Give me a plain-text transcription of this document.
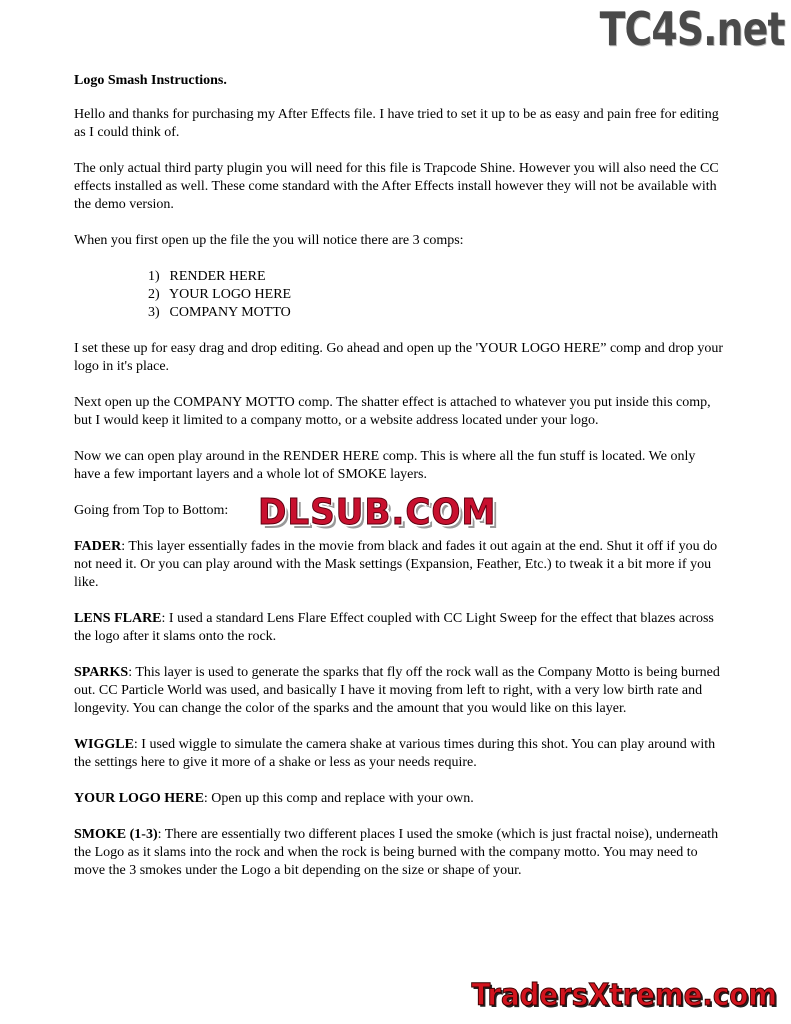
TC4S.net

Logo Smash Instructions.

Hello and thanks for purchasing my After Effects file. I have tried to set it up to be as easy and pain free for editing as I could think of.

The only actual third party plugin you will need for this file is Trapcode Shine. However you will also need the CC effects installed as well. These come standard with the After Effects install however they will not be available with the demo version.

When you first open up the file the you will notice there are 3 comps:

1) RENDER HERE
2) YOUR LOGO HERE
3) COMPANY MOTTO

I set these up for easy drag and drop editing. Go ahead and open up the 'YOUR LOGO HERE” comp and drop your logo in it's place.

Next open up the COMPANY MOTTO comp. The shatter effect is attached to whatever you put inside this comp, but I would keep it limited to a company motto, or a website address located under your logo.

Now we can open play around in the RENDER HERE comp. This is where all the fun stuff is located. We only have a few important layers and a whole lot of SMOKE layers.

Going from Top to Bottom:

FADER: This layer essentially fades in the movie from black and fades it out again at the end. Shut it off if you do not need it. Or you can play around with the Mask settings (Expansion, Feather, Etc.) to tweak it a bit more if you like.

LENS FLARE: I used a standard Lens Flare Effect coupled with CC Light Sweep for the effect that blazes across the logo after it slams onto the rock.

SPARKS: This layer is used to generate the sparks that fly off the rock wall as the Company Motto is being burned out. CC Particle World was used, and basically I have it moving from left to right, with a very low birth rate and longevity. You can change the color of the sparks and the amount that you would like on this layer.

WIGGLE: I used wiggle to simulate the camera shake at various times during this shot. You can play around with the settings here to give it more of a shake or less as your needs require.

YOUR LOGO HERE: Open up this comp and replace with your own.

SMOKE (1-3): There are essentially two different places I used the smoke (which is just fractal noise), underneath the Logo as it slams into the rock and when the rock is being burned with the company motto. You may need to move the 3 smokes under the Logo a bit depending on the size or shape of your.

DLSUB.COM
TradersXtreme.com
